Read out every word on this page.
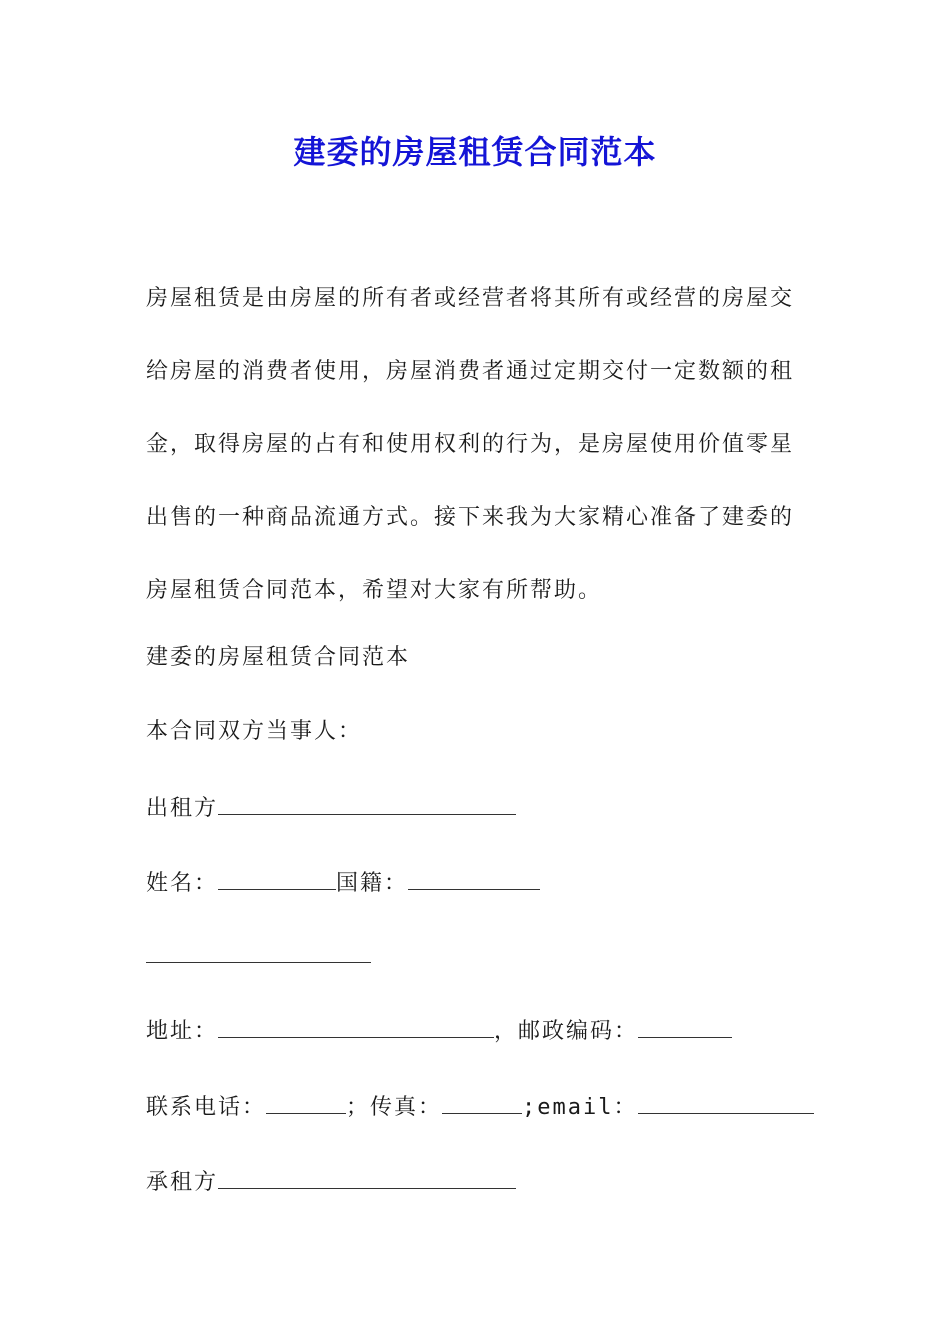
建委的房屋租赁合同范本
房屋租赁是由房屋的所有者或经营者将其所有或经营的房屋交
给房屋的消费者使用，房屋消费者通过定期交付一定数额的租
金，取得房屋的占有和使用权利的行为，是房屋使用价值零星
出售的一种商品流通方式。接下来我为大家精心准备了建委的
房屋租赁合同范本，希望对大家有所帮助。
建委的房屋租赁合同范本
本合同双方当事人：
出租方
姓名：	国籍：
地址：	，邮政编码：
联系电话：	；传真：	;email：
承租方
